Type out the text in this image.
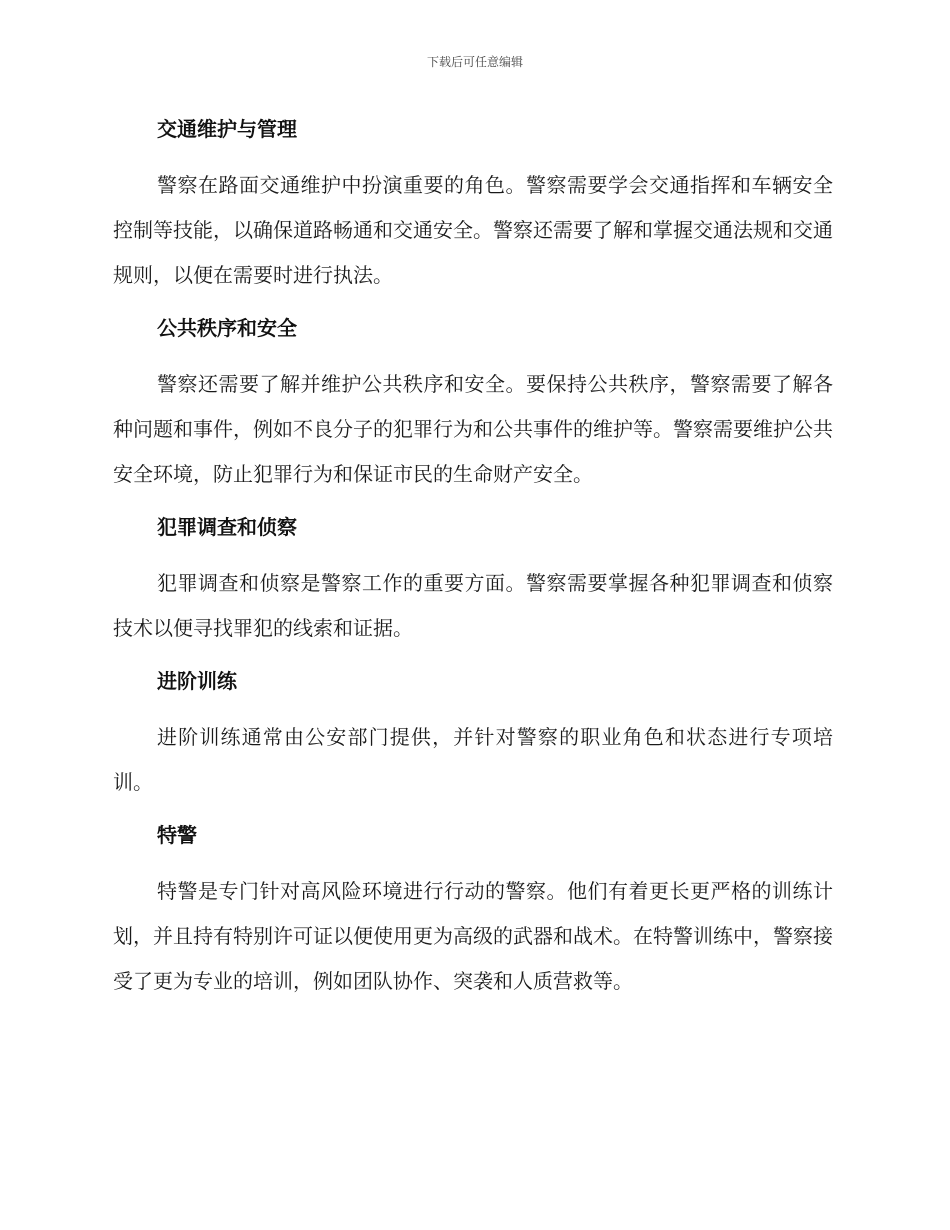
下载后可任意编辑
交通维护与管理

警察在路面交通维护中扮演重要的角色。警察需要学会交通指挥和车辆安全控制等技能，以确保道路畅通和交通安全。警察还需要了解和掌握交通法规和交通规则，以便在需要时进行执法。

公共秩序和安全

警察还需要了解并维护公共秩序和安全。要保持公共秩序，警察需要了解各种问题和事件，例如不良分子的犯罪行为和公共事件的维护等。警察需要维护公共安全环境，防止犯罪行为和保证市民的生命财产安全。

犯罪调查和侦察

犯罪调查和侦察是警察工作的重要方面。警察需要掌握各种犯罪调查和侦察技术以便寻找罪犯的线索和证据。

进阶训练

进阶训练通常由公安部门提供，并针对警察的职业角色和状态进行专项培训。

特警

特警是专门针对高风险环境进行行动的警察。他们有着更长更严格的训练计划，并且持有特别许可证以便使用更为高级的武器和战术。在特警训练中，警察接受了更为专业的培训，例如团队协作、突袭和人质营救等。
